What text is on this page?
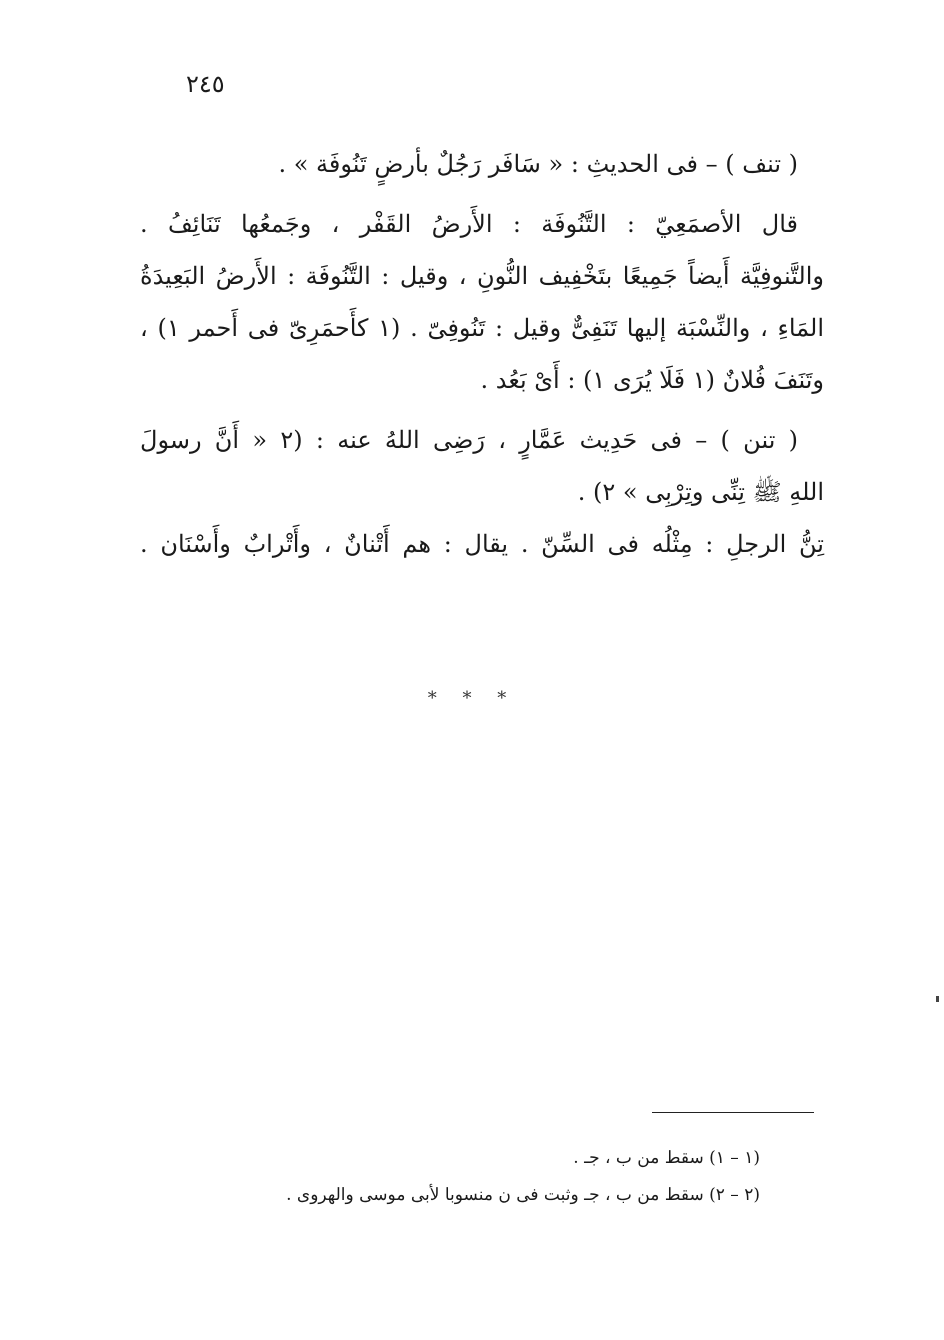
٢٤٥
( تنف ) – فى الحديثِ : « سَافَر رَجُلٌ بأرضٍ تَنُوفَة » .
قال الأصمَعِيّ : التَّنُوفَة : الأَرضُ القَفْر ، وجَمعُها تَنَائِفُ .
والتَّنوفِيَّة أَيضاً جَمِيعًا بتَخْفِيف النُّونِ ، وقيل : التَّنُوفَة : الأَرضُ البَعِيدَةُ
المَاءِ ، والنِّسْبَة إليها تَنَفِىٌّ وقيل : تَنُوفِىّ . (١ كأَحمَرِىّ فى أَحمر ١) ،
وتَنَفَ فُلانٌ (١ فَلَا يُرَى ١) : أَىْ بَعُد .
( تنن ) – فى حَدِيث عَمَّارٍ ، رَضِى اللهُ عنه : (٢ « أَنَّ رسولَ
اللهِ ﷺ تِنِّى وتِرْبِى » ٢) .
تِنُّ الرجلِ : مِثْلُه فى السِّنّ . يقال : هم أَتْنانٌ ، وأَتْرابٌ وأَسْنَان .
* * *
(١ – ١) سقط من ب ، جـ .
(٢ – ٢) سقط من ب ، جـ وثبت فى ن منسوبا لأبى موسى والهروى .
